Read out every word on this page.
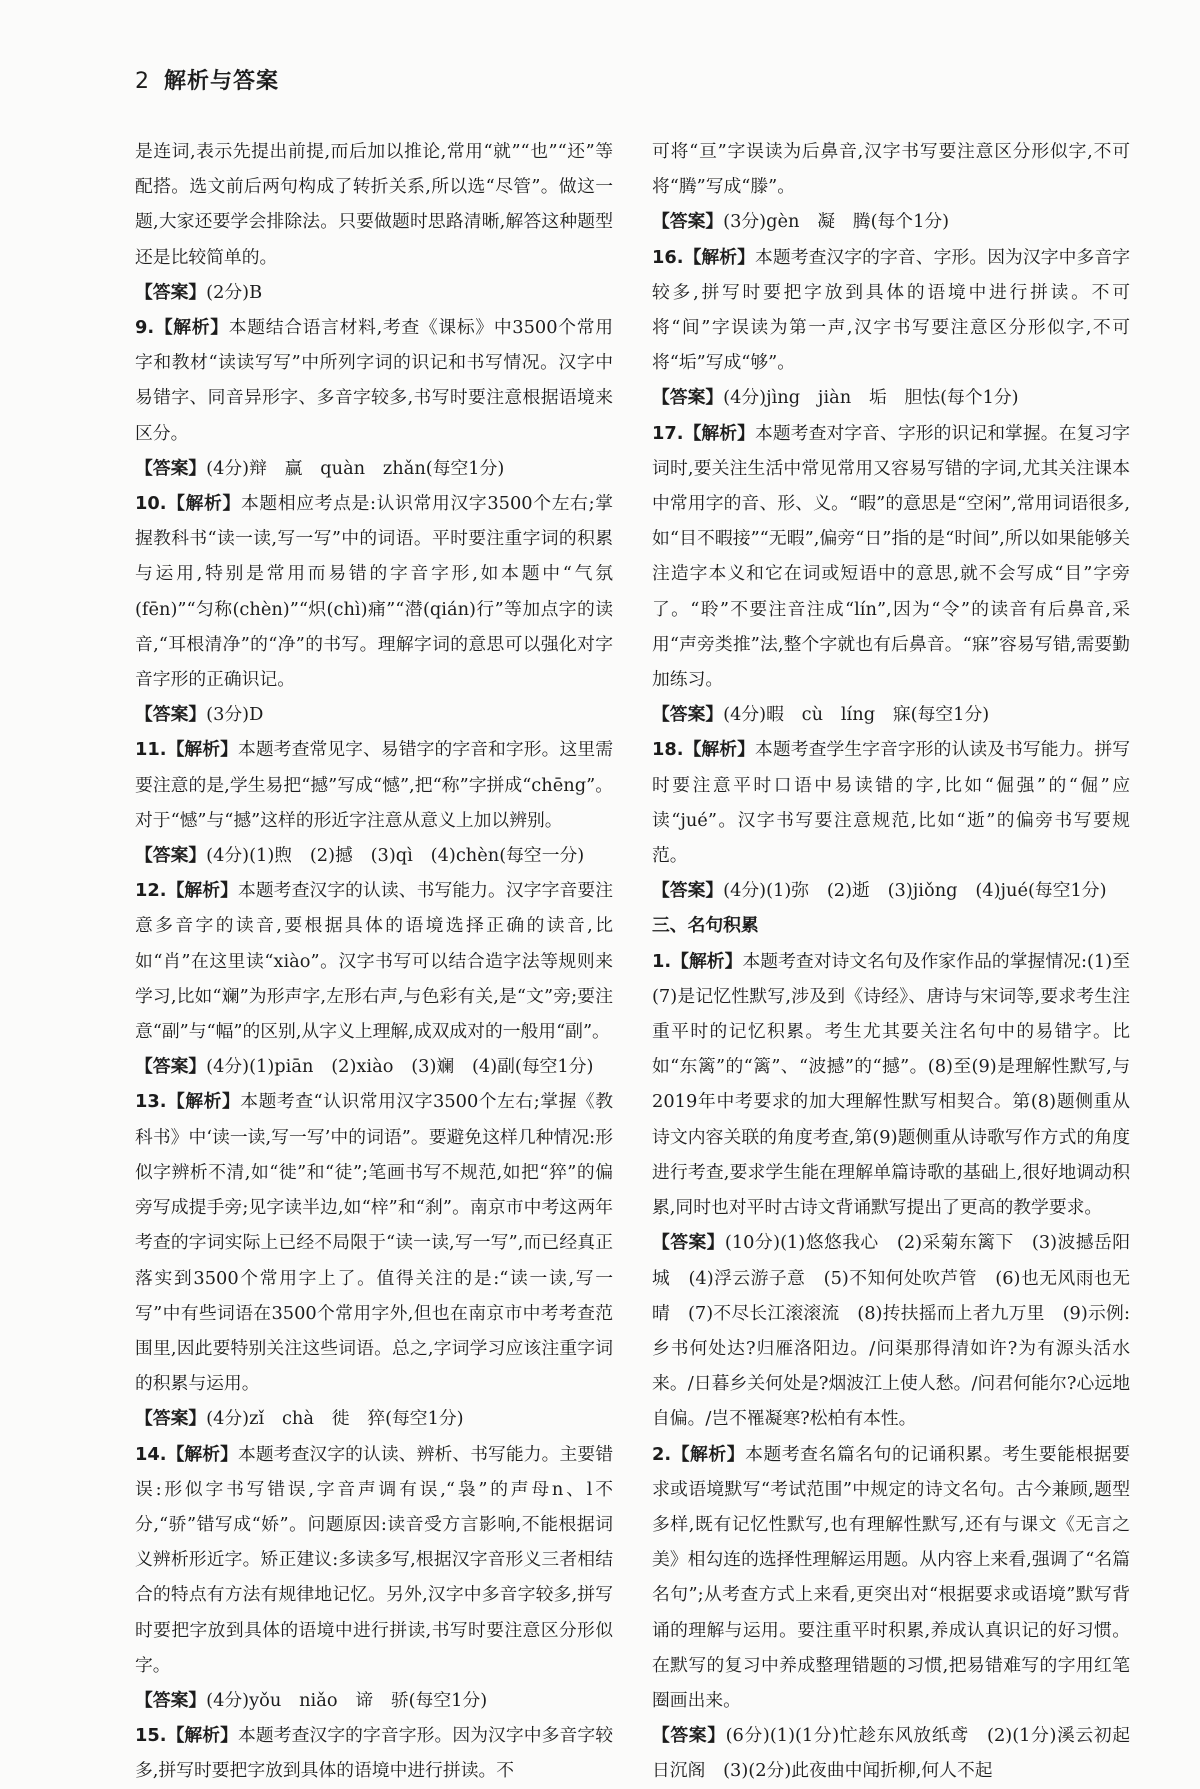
2 解析与答案

是连词,表示先提出前提,而后加以推论,常用“就”“也”“还”等配搭。选文前后两句构成了转折关系,所以选“尽管”。做这一题,大家还要学会排除法。只要做题时思路清晰,解答这种题型还是比较简单的。

【答案】(2分)B

9.【解析】本题结合语言材料,考查《课标》中3500个常用字和教材“读读写写”中所列字词的识记和书写情况。汉字中易错字、同音异形字、多音字较多,书写时要注意根据语境来区分。

【答案】(4分)辩　赢　quàn　zhǎn(每空1分)

10.【解析】本题相应考点是:认识常用汉字3500个左右;掌握教科书“读一读,写一写”中的词语。平时要注重字词的积累与运用,特别是常用而易错的字音字形,如本题中“气氛(fēn)”“匀称(chèn)”“炽(chì)痛”“潜(qián)行”等加点字的读音,“耳根清净”的“净”的书写。理解字词的意思可以强化对字音字形的正确识记。

【答案】(3分)D

11.【解析】本题考查常见字、易错字的字音和字形。这里需要注意的是,学生易把“撼”写成“憾”,把“称”字拼成“chēng”。对于“憾”与“撼”这样的形近字注意从意义上加以辨别。

【答案】(4分)(1)煦　(2)撼　(3)qì　(4)chèn(每空一分)

12.【解析】本题考查汉字的认读、书写能力。汉字字音要注意多音字的读音,要根据具体的语境选择正确的读音,比如“肖”在这里读“xiào”。汉字书写可以结合造字法等规则来学习,比如“斓”为形声字,左形右声,与色彩有关,是“文”旁;要注意“副”与“幅”的区别,从字义上理解,成双成对的一般用“副”。

【答案】(4分)(1)piān　(2)xiào　(3)斓　(4)副(每空1分)

13.【解析】本题考查“认识常用汉字3500个左右;掌握《教科书》中‘读一读,写一写’中的词语”。要避免这样几种情况:形似字辨析不清,如“徙”和“徒”;笔画书写不规范,如把“猝”的偏旁写成提手旁;见字读半边,如“梓”和“刹”。南京市中考这两年考查的字词实际上已经不局限于“读一读,写一写”,而已经真正落实到3500个常用字上了。值得关注的是:“读一读,写一写”中有些词语在3500个常用字外,但也在南京市中考考查范围里,因此要特别关注这些词语。总之,字词学习应该注重字词的积累与运用。

【答案】(4分)zǐ　chà　徙　猝(每空1分)

14.【解析】本题考查汉字的认读、辨析、书写能力。主要错误:形似字书写错误,字音声调有误,“袅”的声母n、l不分,“骄”错写成“娇”。问题原因:读音受方言影响,不能根据词义辨析形近字。矫正建议:多读多写,根据汉字音形义三者相结合的特点有方法有规律地记忆。另外,汉字中多音字较多,拼写时要把字放到具体的语境中进行拼读,书写时要注意区分形似字。

【答案】(4分)yǒu　niǎo　谛　骄(每空1分)

15.【解析】本题考查汉字的字音字形。因为汉字中多音字较多,拼写时要把字放到具体的语境中进行拼读。不

可将“亘”字误读为后鼻音,汉字书写要注意区分形似字,不可将“腾”写成“滕”。

【答案】(3分)gèn　凝　腾(每个1分)

16.【解析】本题考查汉字的字音、字形。因为汉字中多音字较多,拼写时要把字放到具体的语境中进行拼读。不可将“间”字误读为第一声,汉字书写要注意区分形似字,不可将“垢”写成“够”。

【答案】(4分)jìng　jiàn　垢　胆怯(每个1分)

17.【解析】本题考查对字音、字形的识记和掌握。在复习字词时,要关注生活中常见常用又容易写错的字词,尤其关注课本中常用字的音、形、义。“暇”的意思是“空闲”,常用词语很多,如“目不暇接”“无暇”,偏旁“日”指的是“时间”,所以如果能够关注造字本义和它在词或短语中的意思,就不会写成“目”字旁了。“聆”不要注音注成“lín”,因为“令”的读音有后鼻音,采用“声旁类推”法,整个字就也有后鼻音。“寐”容易写错,需要勤加练习。

【答案】(4分)暇　cù　líng　寐(每空1分)

18.【解析】本题考查学生字音字形的认读及书写能力。拼写时要注意平时口语中易读错的字,比如“倔强”的“倔”应读“jué”。汉字书写要注意规范,比如“逝”的偏旁书写要规范。

【答案】(4分)(1)弥　(2)逝　(3)jiǒng　(4)jué(每空1分)

三、名句积累

1.【解析】本题考查对诗文名句及作家作品的掌握情况:(1)至(7)是记忆性默写,涉及到《诗经》、唐诗与宋词等,要求考生注重平时的记忆积累。考生尤其要关注名句中的易错字。比如“东篱”的“篱”、“波撼”的“撼”。(8)至(9)是理解性默写,与2019年中考要求的加大理解性默写相契合。第(8)题侧重从诗文内容关联的角度考查,第(9)题侧重从诗歌写作方式的角度进行考查,要求学生能在理解单篇诗歌的基础上,很好地调动积累,同时也对平时古诗文背诵默写提出了更高的教学要求。

【答案】(10分)(1)悠悠我心　(2)采菊东篱下　(3)波撼岳阳城　(4)浮云游子意　(5)不知何处吹芦管　(6)也无风雨也无晴　(7)不尽长江滚滚流　(8)抟扶摇而上者九万里　(9)示例:乡书何处达?归雁洛阳边。/问渠那得清如许?为有源头活水来。/日暮乡关何处是?烟波江上使人愁。/问君何能尔?心远地自偏。/岂不罹凝寒?松柏有本性。

2.【解析】本题考查名篇名句的记诵积累。考生要能根据要求或语境默写“考试范围”中规定的诗文名句。古今兼顾,题型多样,既有记忆性默写,也有理解性默写,还有与课文《无言之美》相勾连的选择性理解运用题。从内容上来看,强调了“名篇名句”;从考查方式上来看,更突出对“根据要求或语境”默写背诵的理解与运用。要注重平时积累,养成认真识记的好习惯。在默写的复习中养成整理错题的习惯,把易错难写的字用红笔圈画出来。

【答案】(6分)(1)(1分)忙趁东风放纸鸢　(2)(1分)溪云初起日沉阁　(3)(2分)此夜曲中闻折柳,何人不起
